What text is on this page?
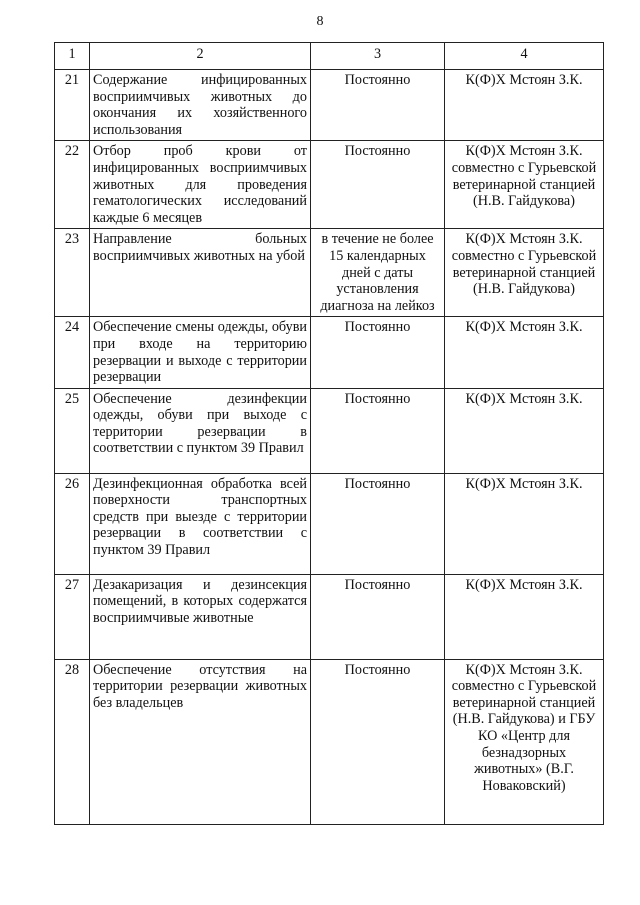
8
1	2	3	4
21	Содержание инфицированных восприимчивых животных до окончания их хозяйственного использования	Постоянно	К(Ф)Х Мстоян З.К.
22	Отбор проб крови от инфицированных восприимчивых животных для проведения гематологических исследований каждые 6 месяцев	Постоянно	К(Ф)Х Мстоян З.К. совместно с Гурьевской ветеринарной станцией (Н.В. Гайдукова)
23	Направление больных восприимчивых животных на убой	в течение не более 15 календарных дней с даты установления диагноза на лейкоз	К(Ф)Х Мстоян З.К. совместно с Гурьевской ветеринарной станцией (Н.В. Гайдукова)
24	Обеспечение смены одежды, обуви при входе на территорию резервации и выходе с территории резервации	Постоянно	К(Ф)Х Мстоян З.К.
25	Обеспечение дезинфекции одежды, обуви при выходе с территории резервации в соответствии с пунктом 39 Правил	Постоянно	К(Ф)Х Мстоян З.К.
26	Дезинфекционная обработка всей поверхности транспортных средств при выезде с территории резервации в соответствии с пунктом 39 Правил	Постоянно	К(Ф)Х Мстоян З.К.
27	Дезакаризация и дезинсекция помещений, в которых содержатся восприимчивые животные	Постоянно	К(Ф)Х Мстоян З.К.
28	Обеспечение отсутствия на территории резервации животных без владельцев	Постоянно	К(Ф)Х Мстоян З.К. совместно с Гурьевской ветеринарной станцией (Н.В. Гайдукова) и ГБУ КО «Центр для безнадзорных животных» (В.Г. Новаковский)
